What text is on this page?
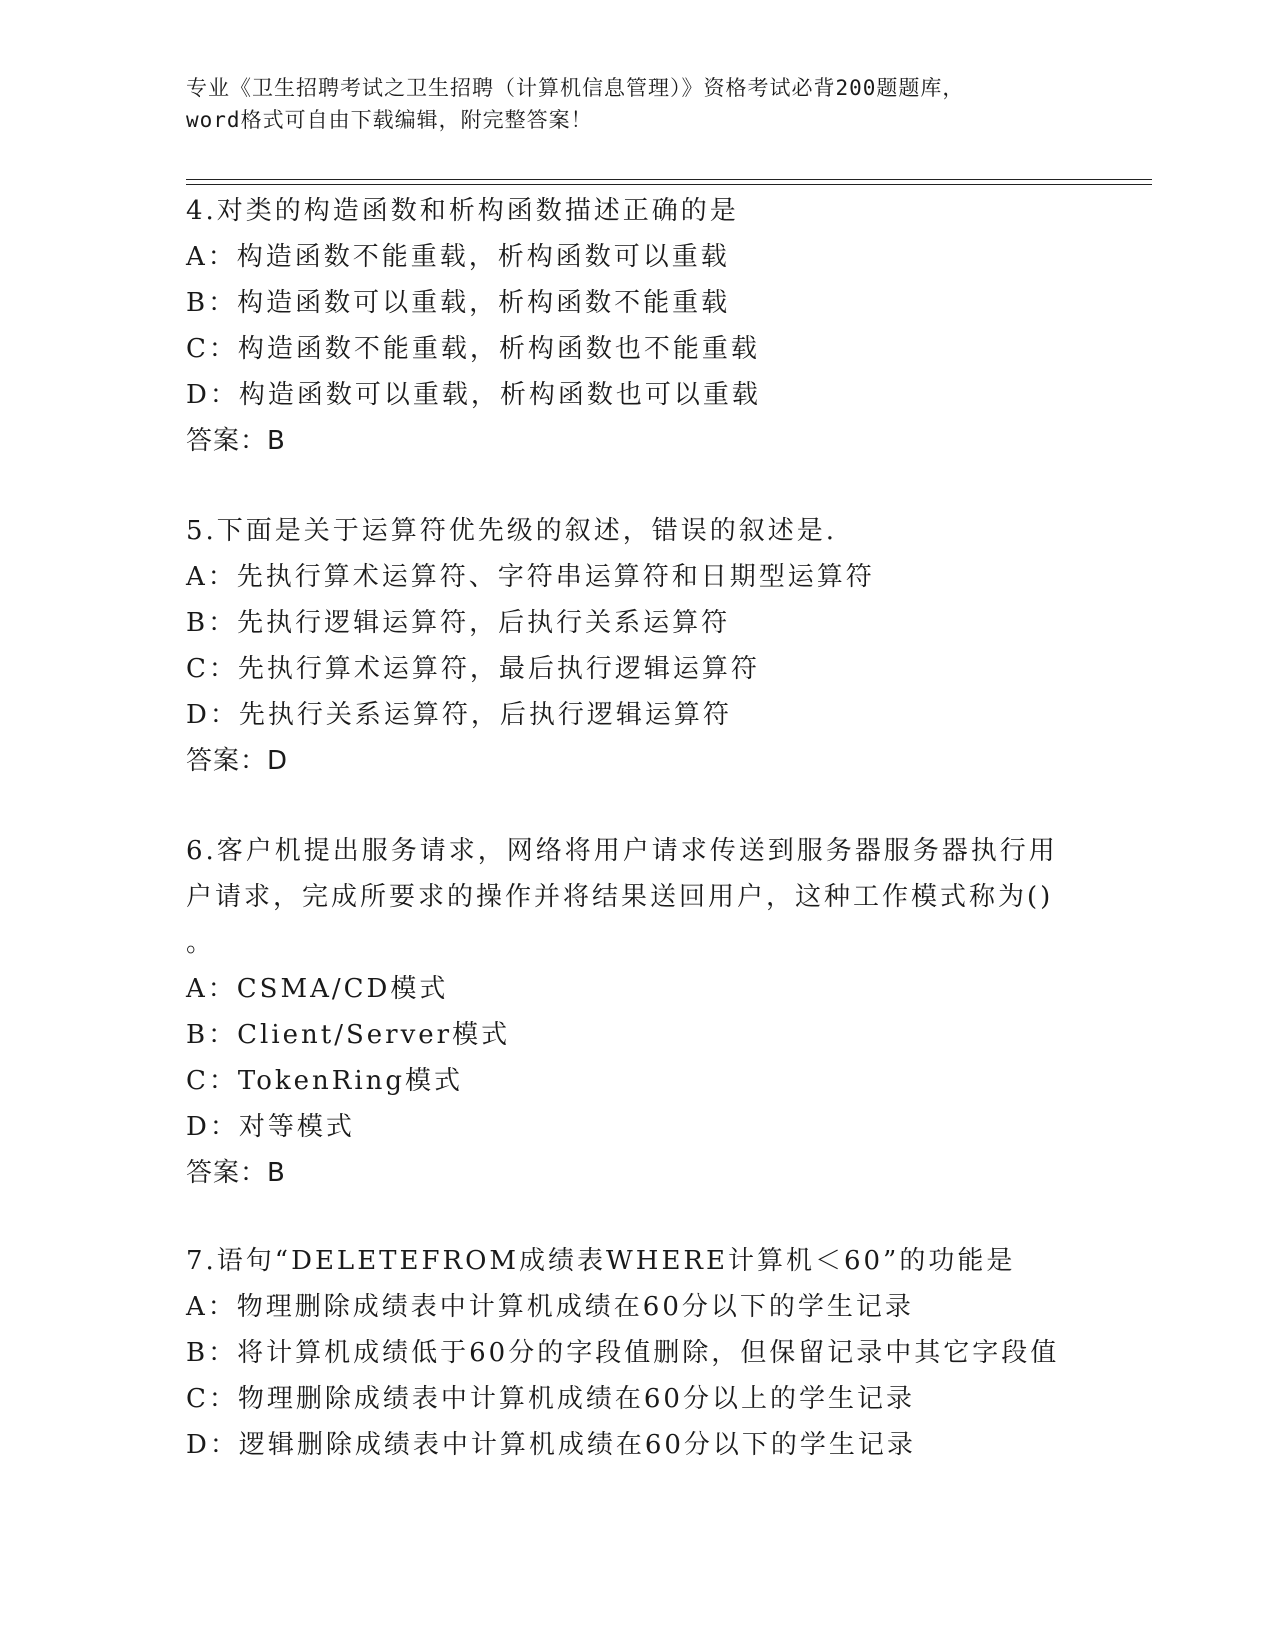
专业《卫生招聘考试之卫生招聘（计算机信息管理）》资格考试必背200题题库，
word格式可自由下载编辑，附完整答案！
4.对类的构造函数和析构函数描述正确的是
A：构造函数不能重载，析构函数可以重载
B：构造函数可以重载，析构函数不能重载
C：构造函数不能重载，析构函数也不能重载
D：构造函数可以重载，析构函数也可以重载
答案：B
5.下面是关于运算符优先级的叙述，错误的叙述是.
A：先执行算术运算符、字符串运算符和日期型运算符
B：先执行逻辑运算符，后执行关系运算符
C：先执行算术运算符，最后执行逻辑运算符
D：先执行关系运算符，后执行逻辑运算符
答案：D
6.客户机提出服务请求，网络将用户请求传送到服务器服务器执行用
户请求，完成所要求的操作并将结果送回用户，这种工作模式称为()
。
A：CSMA/CD模式
B：Client/Server模式
C：TokenRing模式
D：对等模式
答案：B
7.语句“DELETEFROM成绩表WHERE计算机＜60”的功能是
A：物理删除成绩表中计算机成绩在60分以下的学生记录
B：将计算机成绩低于60分的字段值删除，但保留记录中其它字段值
C：物理删除成绩表中计算机成绩在60分以上的学生记录
D：逻辑删除成绩表中计算机成绩在60分以下的学生记录
